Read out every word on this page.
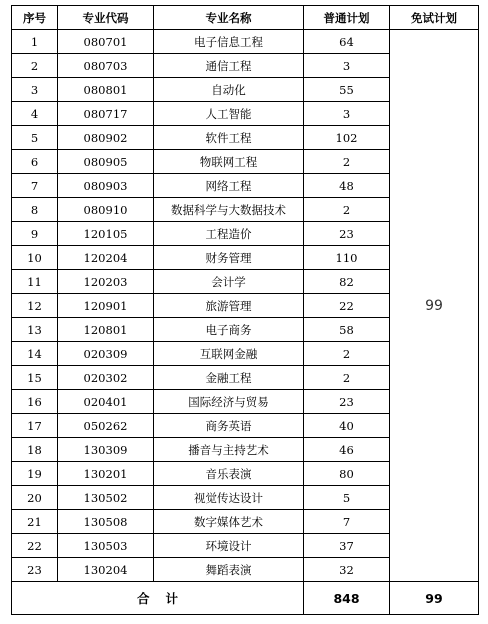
序号	专业代码	专业名称	普通计划	免试计划
1	080701	电子信息工程	64	99
2	080703	通信工程	3	
3	080801	自动化	55	
4	080717	人工智能	3	
5	080902	软件工程	102	
6	080905	物联网工程	2	
7	080903	网络工程	48	
8	080910	数据科学与大数据技术	2	
9	120105	工程造价	23	
10	120204	财务管理	110	
11	120203	会计学	82	
12	120901	旅游管理	22	
13	120801	电子商务	58	
14	020309	互联网金融	2	
15	020302	金融工程	2	
16	020401	国际经济与贸易	23	
17	050262	商务英语	40	
18	130309	播音与主持艺术	46	
19	130201	音乐表演	80	
20	130502	视觉传达设计	5	
21	130508	数字媒体艺术	7	
22	130503	环境设计	37	
23	130204	舞蹈表演	32	
合计			848	99
